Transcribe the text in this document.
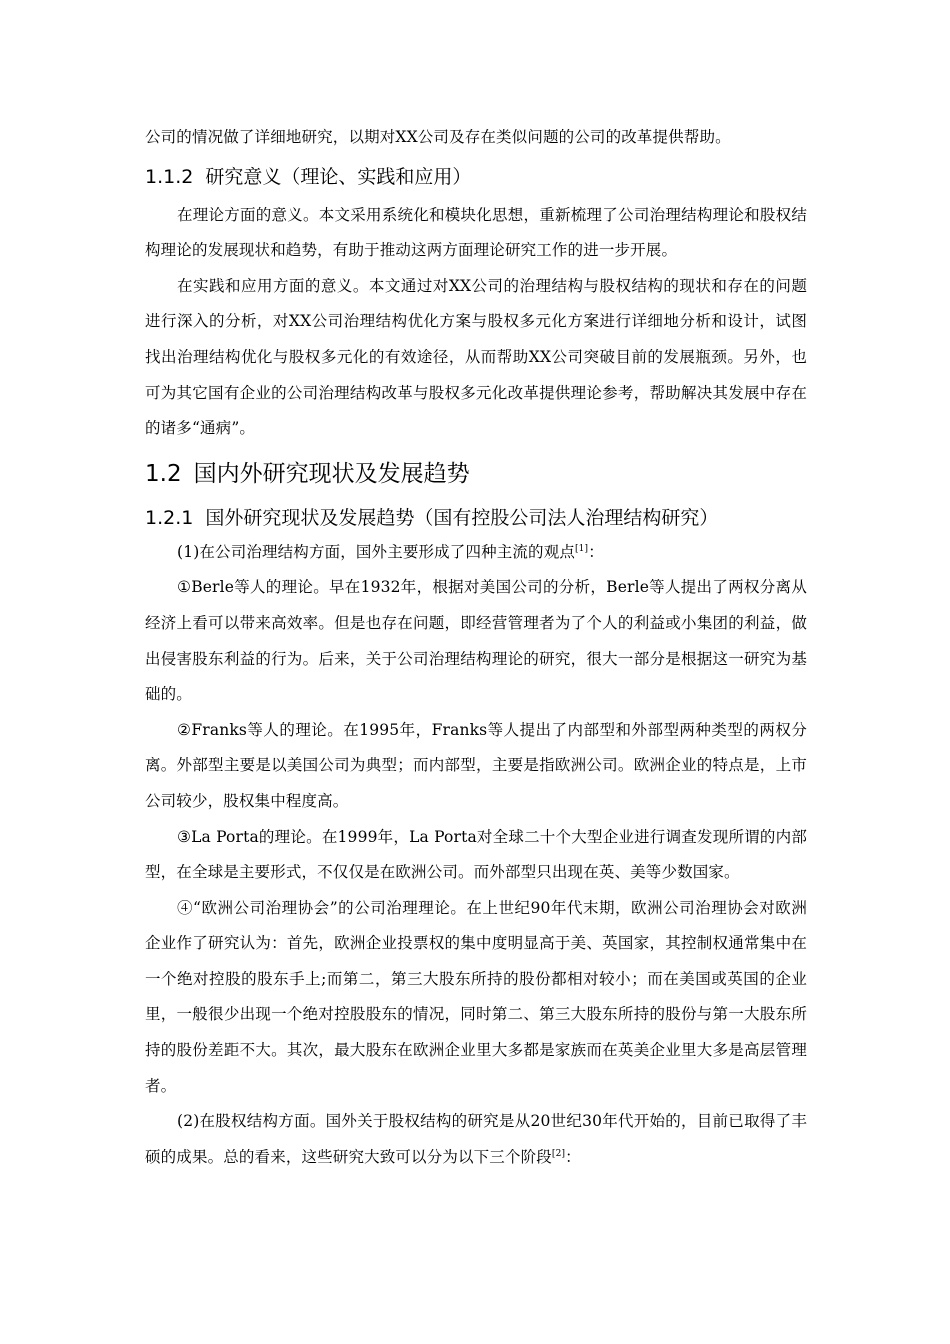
公司的情况做了详细地研究，以期对XX公司及存在类似问题的公司的改革提供帮助。

1.1.2 研究意义（理论、实践和应用）

在理论方面的意义。本文采用系统化和模块化思想，重新梳理了公司治理结构理论和股权结构理论的发展现状和趋势，有助于推动这两方面理论研究工作的进一步开展。

在实践和应用方面的意义。本文通过对XX公司的治理结构与股权结构的现状和存在的问题进行深入的分析，对XX公司治理结构优化方案与股权多元化方案进行详细地分析和设计，试图找出治理结构优化与股权多元化的有效途径，从而帮助XX公司突破目前的发展瓶颈。另外，也可为其它国有企业的公司治理结构改革与股权多元化改革提供理论参考，帮助解决其发展中存在的诸多“通病”。

1.2 国内外研究现状及发展趋势
1.2.1 国外研究现状及发展趋势（国有控股公司法人治理结构研究）

(1)在公司治理结构方面，国外主要形成了四种主流的观点[1]：

①Berle等人的理论。早在1932年，根据对美国公司的分析，Berle等人提出了两权分离从经济上看可以带来高效率。但是也存在问题，即经营管理者为了个人的利益或小集团的利益，做出侵害股东利益的行为。后来，关于公司治理结构理论的研究，很大一部分是根据这一研究为基础的。

②Franks等人的理论。在1995年，Franks等人提出了内部型和外部型两种类型的两权分离。外部型主要是以美国公司为典型；而内部型，主要是指欧洲公司。欧洲企业的特点是，上市公司较少，股权集中程度高。

③La Porta的理论。在1999年，La Porta对全球二十个大型企业进行调查发现所谓的内部型，在全球是主要形式，不仅仅是在欧洲公司。而外部型只出现在英、美等少数国家。

④“欧洲公司治理协会”的公司治理理论。在上世纪90年代末期，欧洲公司治理协会对欧洲企业作了研究认为：首先，欧洲企业投票权的集中度明显高于美、英国家，其控制权通常集中在一个绝对控股的股东手上;而第二，第三大股东所持的股份都相对较小；而在美国或英国的企业里，一般很少出现一个绝对控股股东的情况，同时第二、第三大股东所持的股份与第一大股东所持的股份差距不大。其次，最大股东在欧洲企业里大多都是家族而在英美企业里大多是高层管理者。

(2)在股权结构方面。国外关于股权结构的研究是从20世纪30年代开始的，目前已取得了丰硕的成果。总的看来，这些研究大致可以分为以下三个阶段[2]：
